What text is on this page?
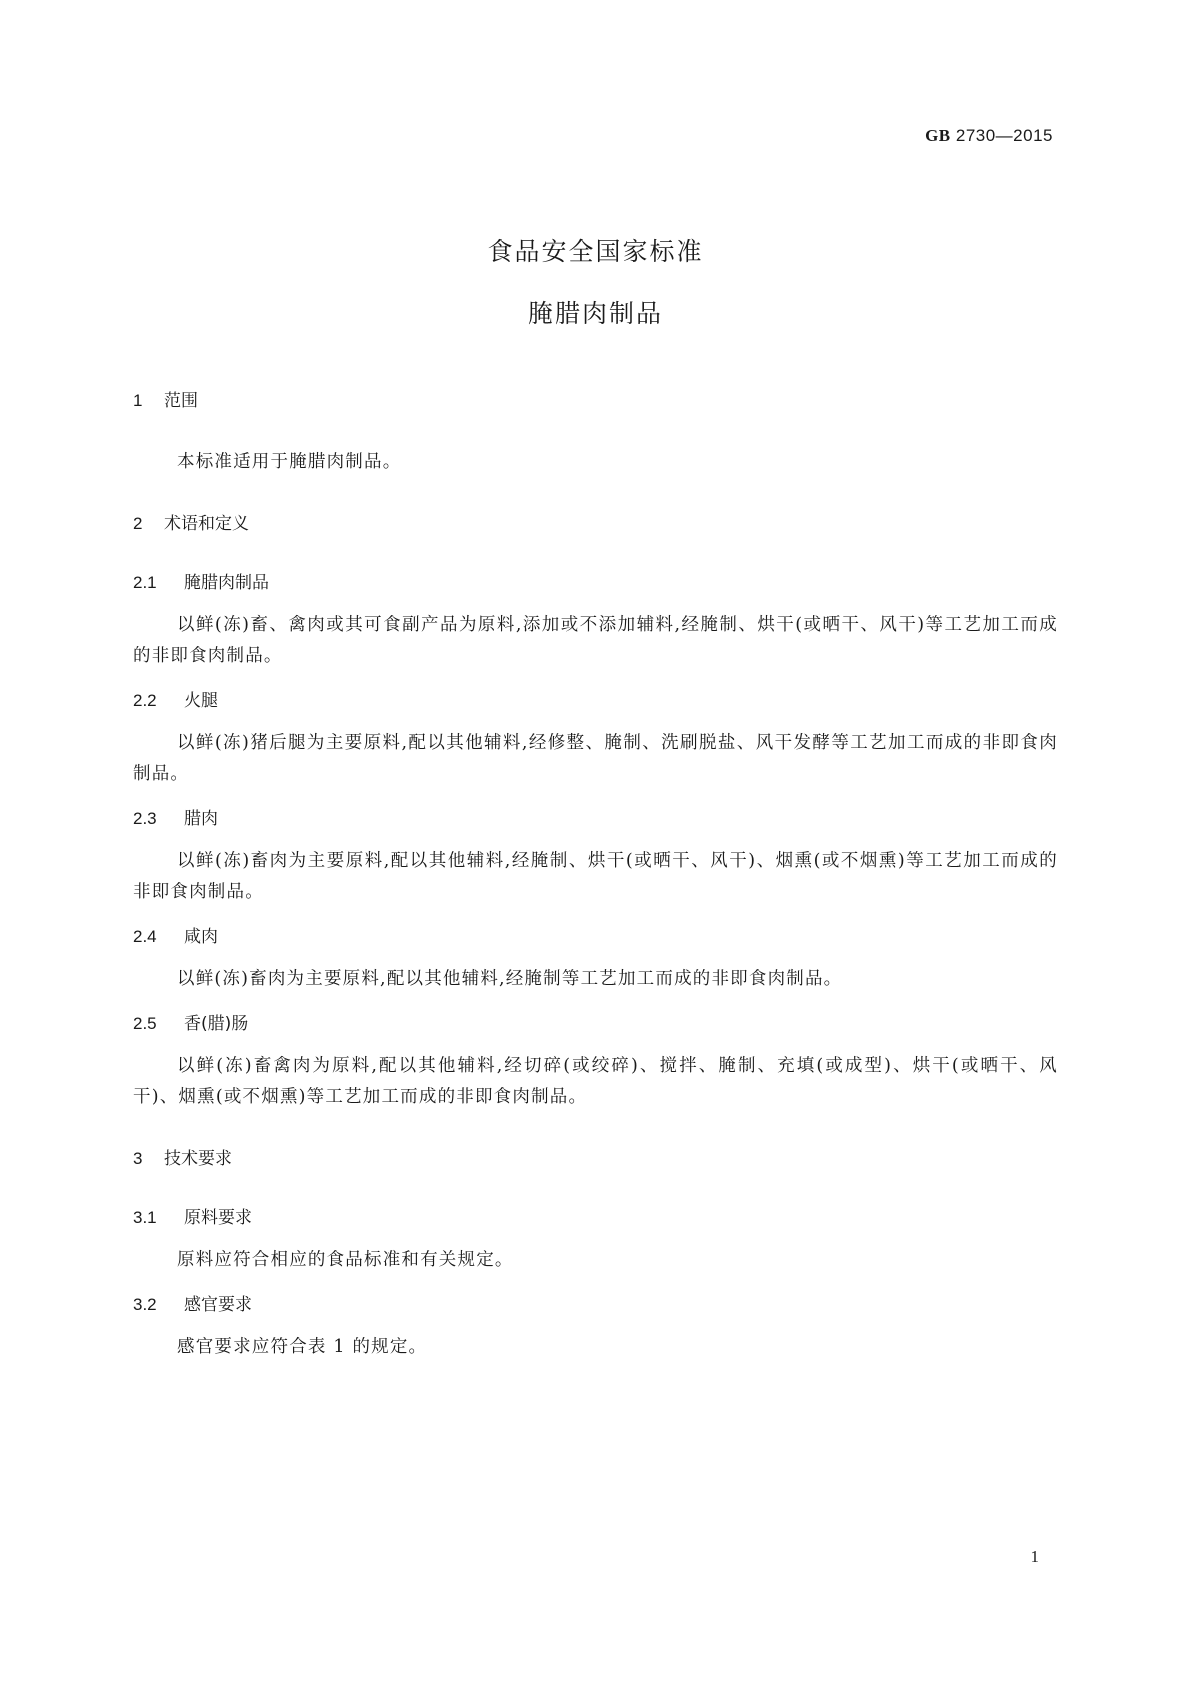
GB 2730—2015
食品安全国家标准
腌腊肉制品
1	范围
本标准适用于腌腊肉制品。
2	术语和定义
2.1	腌腊肉制品
以鲜(冻)畜、禽肉或其可食副产品为原料,添加或不添加辅料,经腌制、烘干(或晒干、风干)等工艺加工而成的非即食肉制品。
2.2	火腿
以鲜(冻)猪后腿为主要原料,配以其他辅料,经修整、腌制、洗刷脱盐、风干发酵等工艺加工而成的非即食肉制品。
2.3	腊肉
以鲜(冻)畜肉为主要原料,配以其他辅料,经腌制、烘干(或晒干、风干)、烟熏(或不烟熏)等工艺加工而成的非即食肉制品。
2.4	咸肉
以鲜(冻)畜肉为主要原料,配以其他辅料,经腌制等工艺加工而成的非即食肉制品。
2.5	香(腊)肠
以鲜(冻)畜禽肉为原料,配以其他辅料,经切碎(或绞碎)、搅拌、腌制、充填(或成型)、烘干(或晒干、风干)、烟熏(或不烟熏)等工艺加工而成的非即食肉制品。
3	技术要求
3.1	原料要求
原料应符合相应的食品标准和有关规定。
3.2	感官要求
感官要求应符合表 1 的规定。
1
